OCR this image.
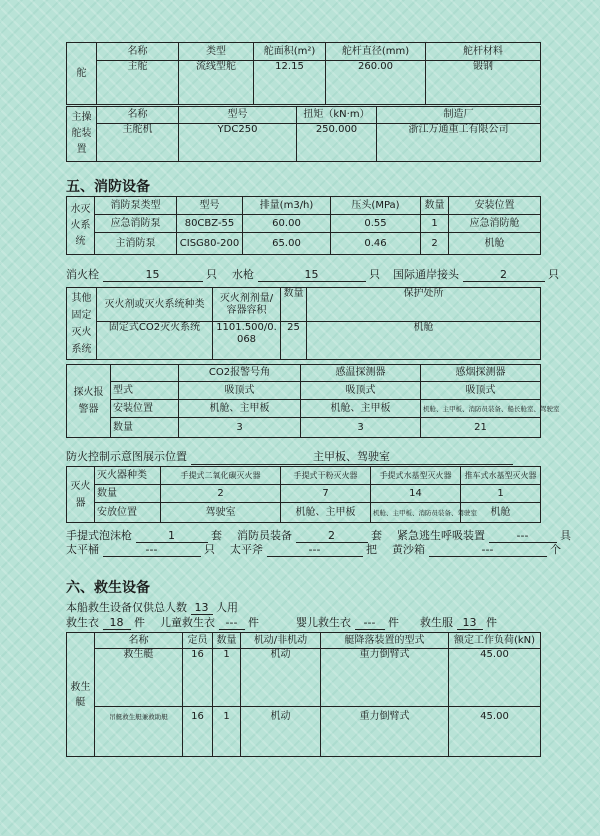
舵	名称	类型	舵面积(m²)	舵杆直径(mm)	舵杆材料
	主舵	流线型舵	12.15	260.00	锻钢
主操舵装置	名称	型号	扭矩（kN·m）	制造厂
	主舵机	YDC250	250.000	浙江万通重工有限公司
五、消防设备
水灭火系统	消防泵类型	型号	排量(m3/h)	压头(MPa)	数量	安装位置
	应急消防泵	80CBZ-55	60.00	0.55	1	应急消防舱
	主消防泵	CISG80-200	65.00	0.46	2	机舱
消火栓	15	只 水枪	15	只 国际通岸接头	2	只
其他固定灭火系统	灭火剂或灭火系统种类	灭火剂剂量/容器容积	数量	保护处所
	固定式CO2灭火系统	1101.500/0.068	25	机舱
探火报警器		CO2报警号角	感温探测器	感烟探测器
	型式	吸顶式	吸顶式	吸顶式
	安装位置	机舱、主甲板	机舱、主甲板	机舱、主甲板、消防员装备、船长舱室、驾驶室
	数量	3	3	21
防火控制示意图展示位置	主甲板、驾驶室
灭火器	灭火器种类	手提式二氧化碳灭火器	手提式干粉灭火器	手提式水基型灭火器	推车式水基型灭火器
	数量	2	7	14	1
	安放位置	驾驶室	机舱、主甲板	机舱、主甲板、消防员装备、驾驶室	机舱
手提式泡沫枪	1	套 消防员装备	2	套 紧急逃生呼吸装置	---	具
太平桶	---	只 太平斧	---	把 黄沙箱	---	个
六、救生设备
本船救生设备仅供总人数 13 人用
救生衣 18 件 儿童救生衣 --- 件	婴儿救生衣 --- 件 救生服 13 件
救生艇	名称	定员	数量	机动/非机动	艇降落装置的型式	额定工作负荷(kN)
	救生艇	16	1	机动	重力倒臂式	45.00
	吊艇救生艇兼救助艇	16	1	机动	重力倒臂式	45.00
